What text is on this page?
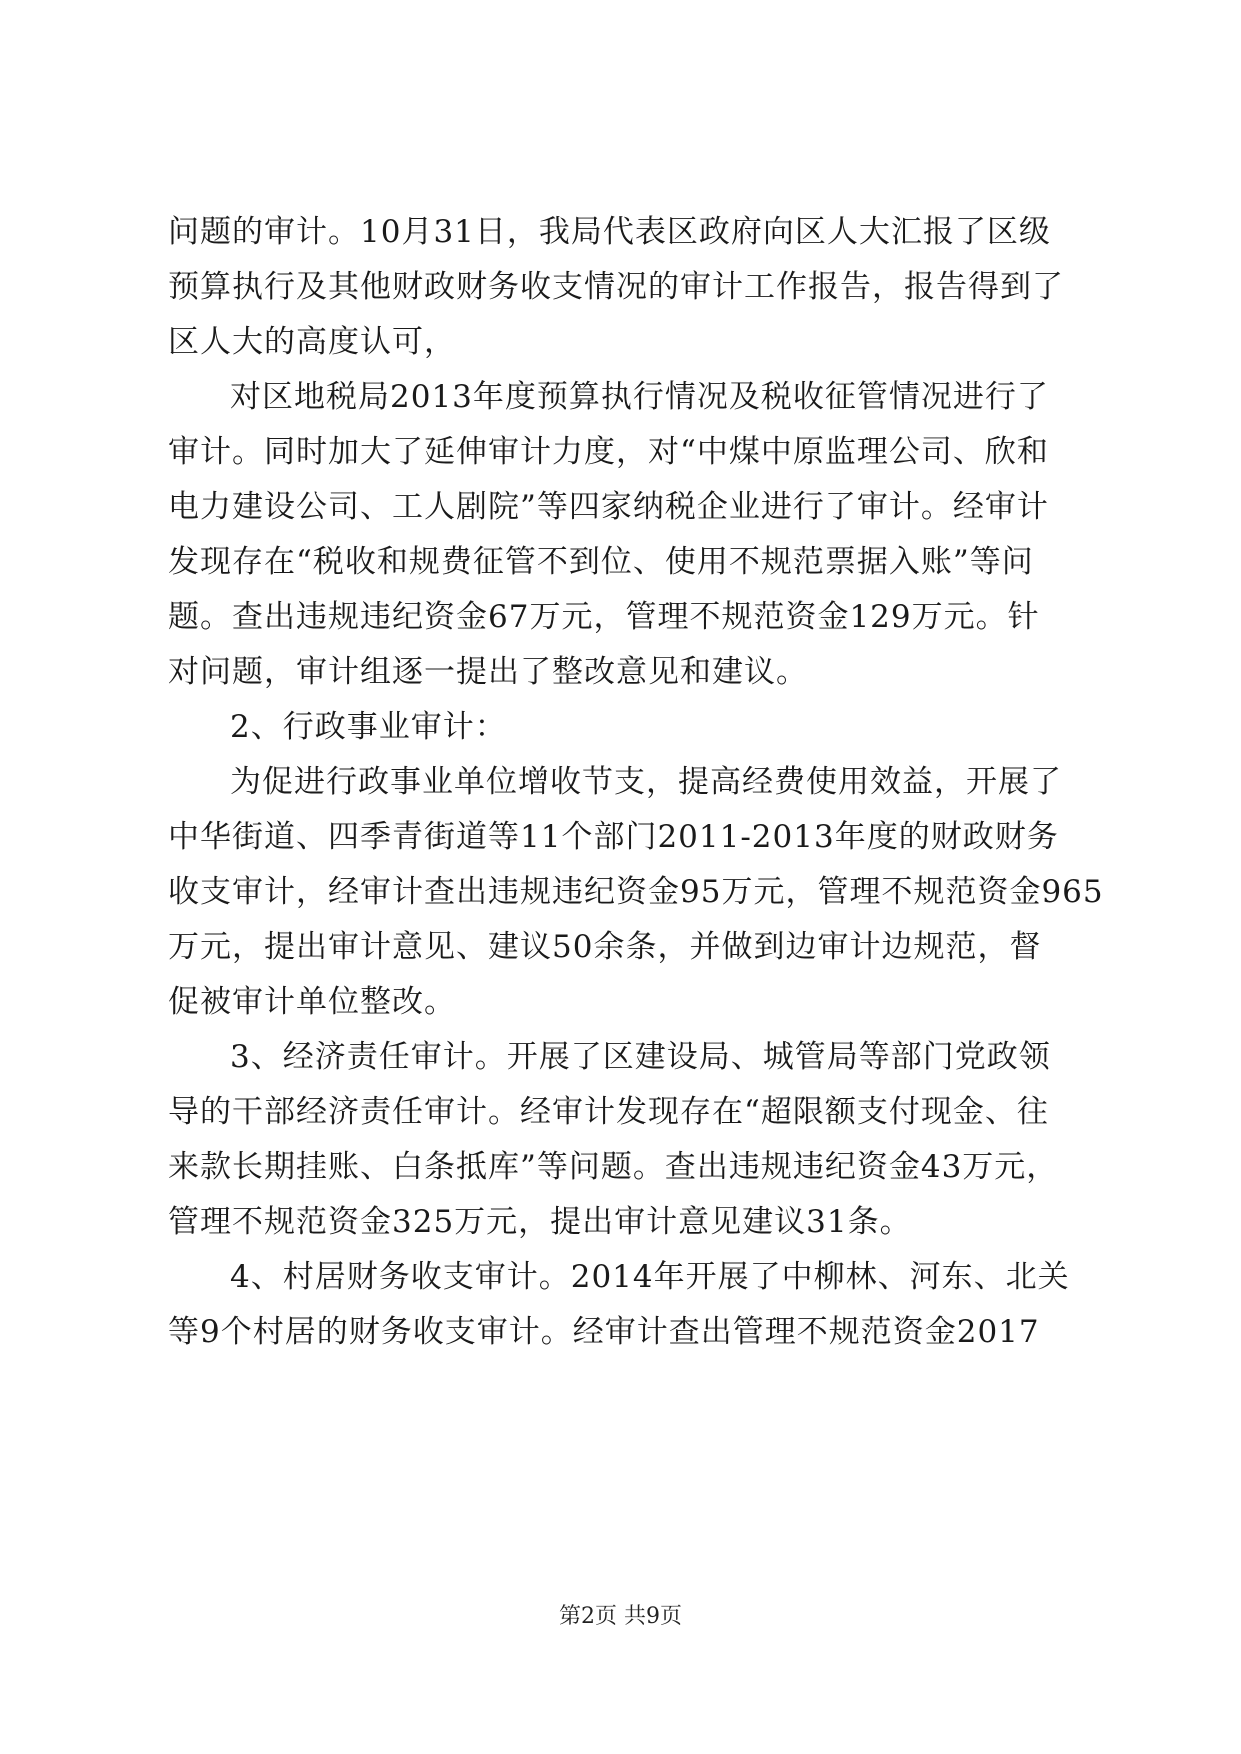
问题的审计。10月31日，我局代表区政府向区人大汇报了区级
预算执行及其他财政财务收支情况的审计工作报告，报告得到了
区人大的高度认可，
对区地税局2013年度预算执行情况及税收征管情况进行了
审计。同时加大了延伸审计力度，对“中煤中原监理公司、欣和
电力建设公司、工人剧院”等四家纳税企业进行了审计。经审计
发现存在“税收和规费征管不到位、使用不规范票据入账”等问
题。查出违规违纪资金67万元，管理不规范资金129万元。针
对问题，审计组逐一提出了整改意见和建议。
2、行政事业审计：
为促进行政事业单位增收节支，提高经费使用效益，开展了
中华街道、四季青街道等11个部门2011-2013年度的财政财务
收支审计，经审计查出违规违纪资金95万元，管理不规范资金965
万元，提出审计意见、建议50余条，并做到边审计边规范，督
促被审计单位整改。
3、经济责任审计。开展了区建设局、城管局等部门党政领
导的干部经济责任审计。经审计发现存在“超限额支付现金、往
来款长期挂账、白条抵库”等问题。查出违规违纪资金43万元，
管理不规范资金325万元，提出审计意见建议31条。
4、村居财务收支审计。2014年开展了中柳林、河东、北关
等9个村居的财务收支审计。经审计查出管理不规范资金2017
第2页 共9页
